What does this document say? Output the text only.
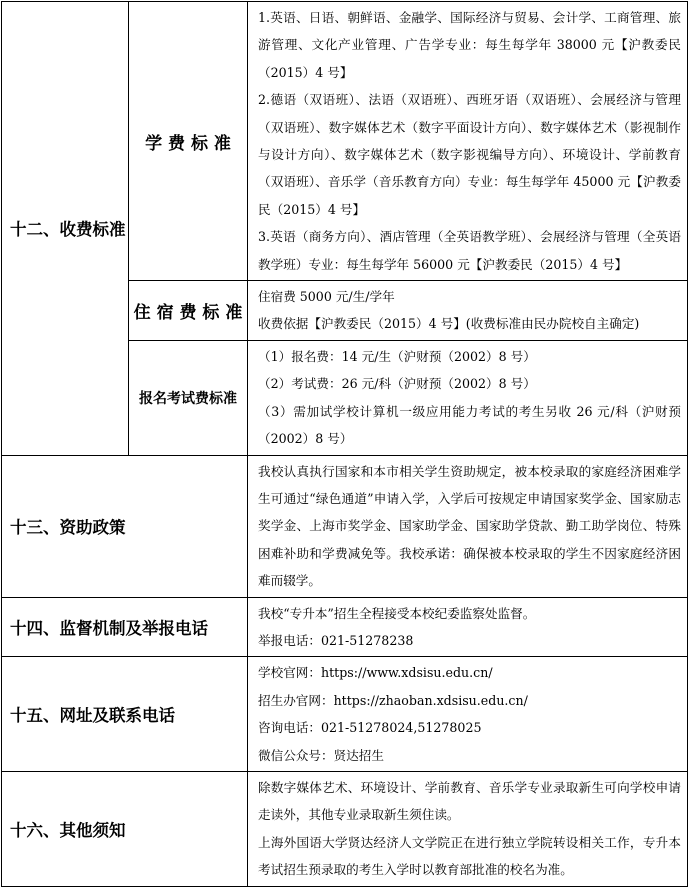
十二、收费标准	学 费 标 准	1.英语、日语、朝鲜语、金融学、国际经济与贸易、会计学、工商管理、旅游管理、文化产业管理、广告学专业：每生每学年 38000 元【沪教委民（2015）4 号】
2.德语（双语班）、法语（双语班）、西班牙语（双语班）、会展经济与管理（双语班）、数字媒体艺术（数字平面设计方向）、数字媒体艺术（影视制作与设计方向）、数字媒体艺术（数字影视编导方向）、环境设计、学前教育（双语班）、音乐学（音乐教育方向）专业：每生每学年 45000 元【沪教委民（2015）4 号】
3.英语（商务方向）、酒店管理（全英语教学班）、会展经济与管理（全英语教学班）专业：每生每学年 56000 元【沪教委民（2015）4 号】

	住 宿 费 标 准	住宿费 5000 元/生/学年
收费依据【沪教委民（2015）4 号】(收费标准由民办院校自主确定)

	报名考试费标准	（1）报名费：14 元/生（沪财预（2002）8 号）
（2）考试费：26 元/科（沪财预（2002）8 号）
（3）需加试学校计算机一级应用能力考试的考生另收 26 元/科（沪财预（2002）8 号）

十三、资助政策		我校认真执行国家和本市相关学生资助规定，被本校录取的家庭经济困难学生可通过“绿色通道”申请入学，入学后可按规定申请国家奖学金、国家励志奖学金、上海市奖学金、国家助学金、国家助学贷款、勤工助学岗位、特殊困难补助和学费减免等。我校承诺：确保被本校录取的学生不因家庭经济困难而辍学。
十四、监督机制及举报电话		我校“专升本”招生全程接受本校纪委监察处监督。
举报电话：021-51278238

十五、网址及联系电话		学校官网：https://www.xdsisu.edu.cn/
招生办官网：https://zhaoban.xdsisu.edu.cn/
咨询电话：021-51278024,51278025
微信公众号：贤达招生

十六、其他须知		除数字媒体艺术、环境设计、学前教育、音乐学专业录取新生可向学校申请走读外，其他专业录取新生须住读。
上海外国语大学贤达经济人文学院正在进行独立学院转设相关工作，专升本考试招生预录取的考生入学时以教育部批准的校名为准。
